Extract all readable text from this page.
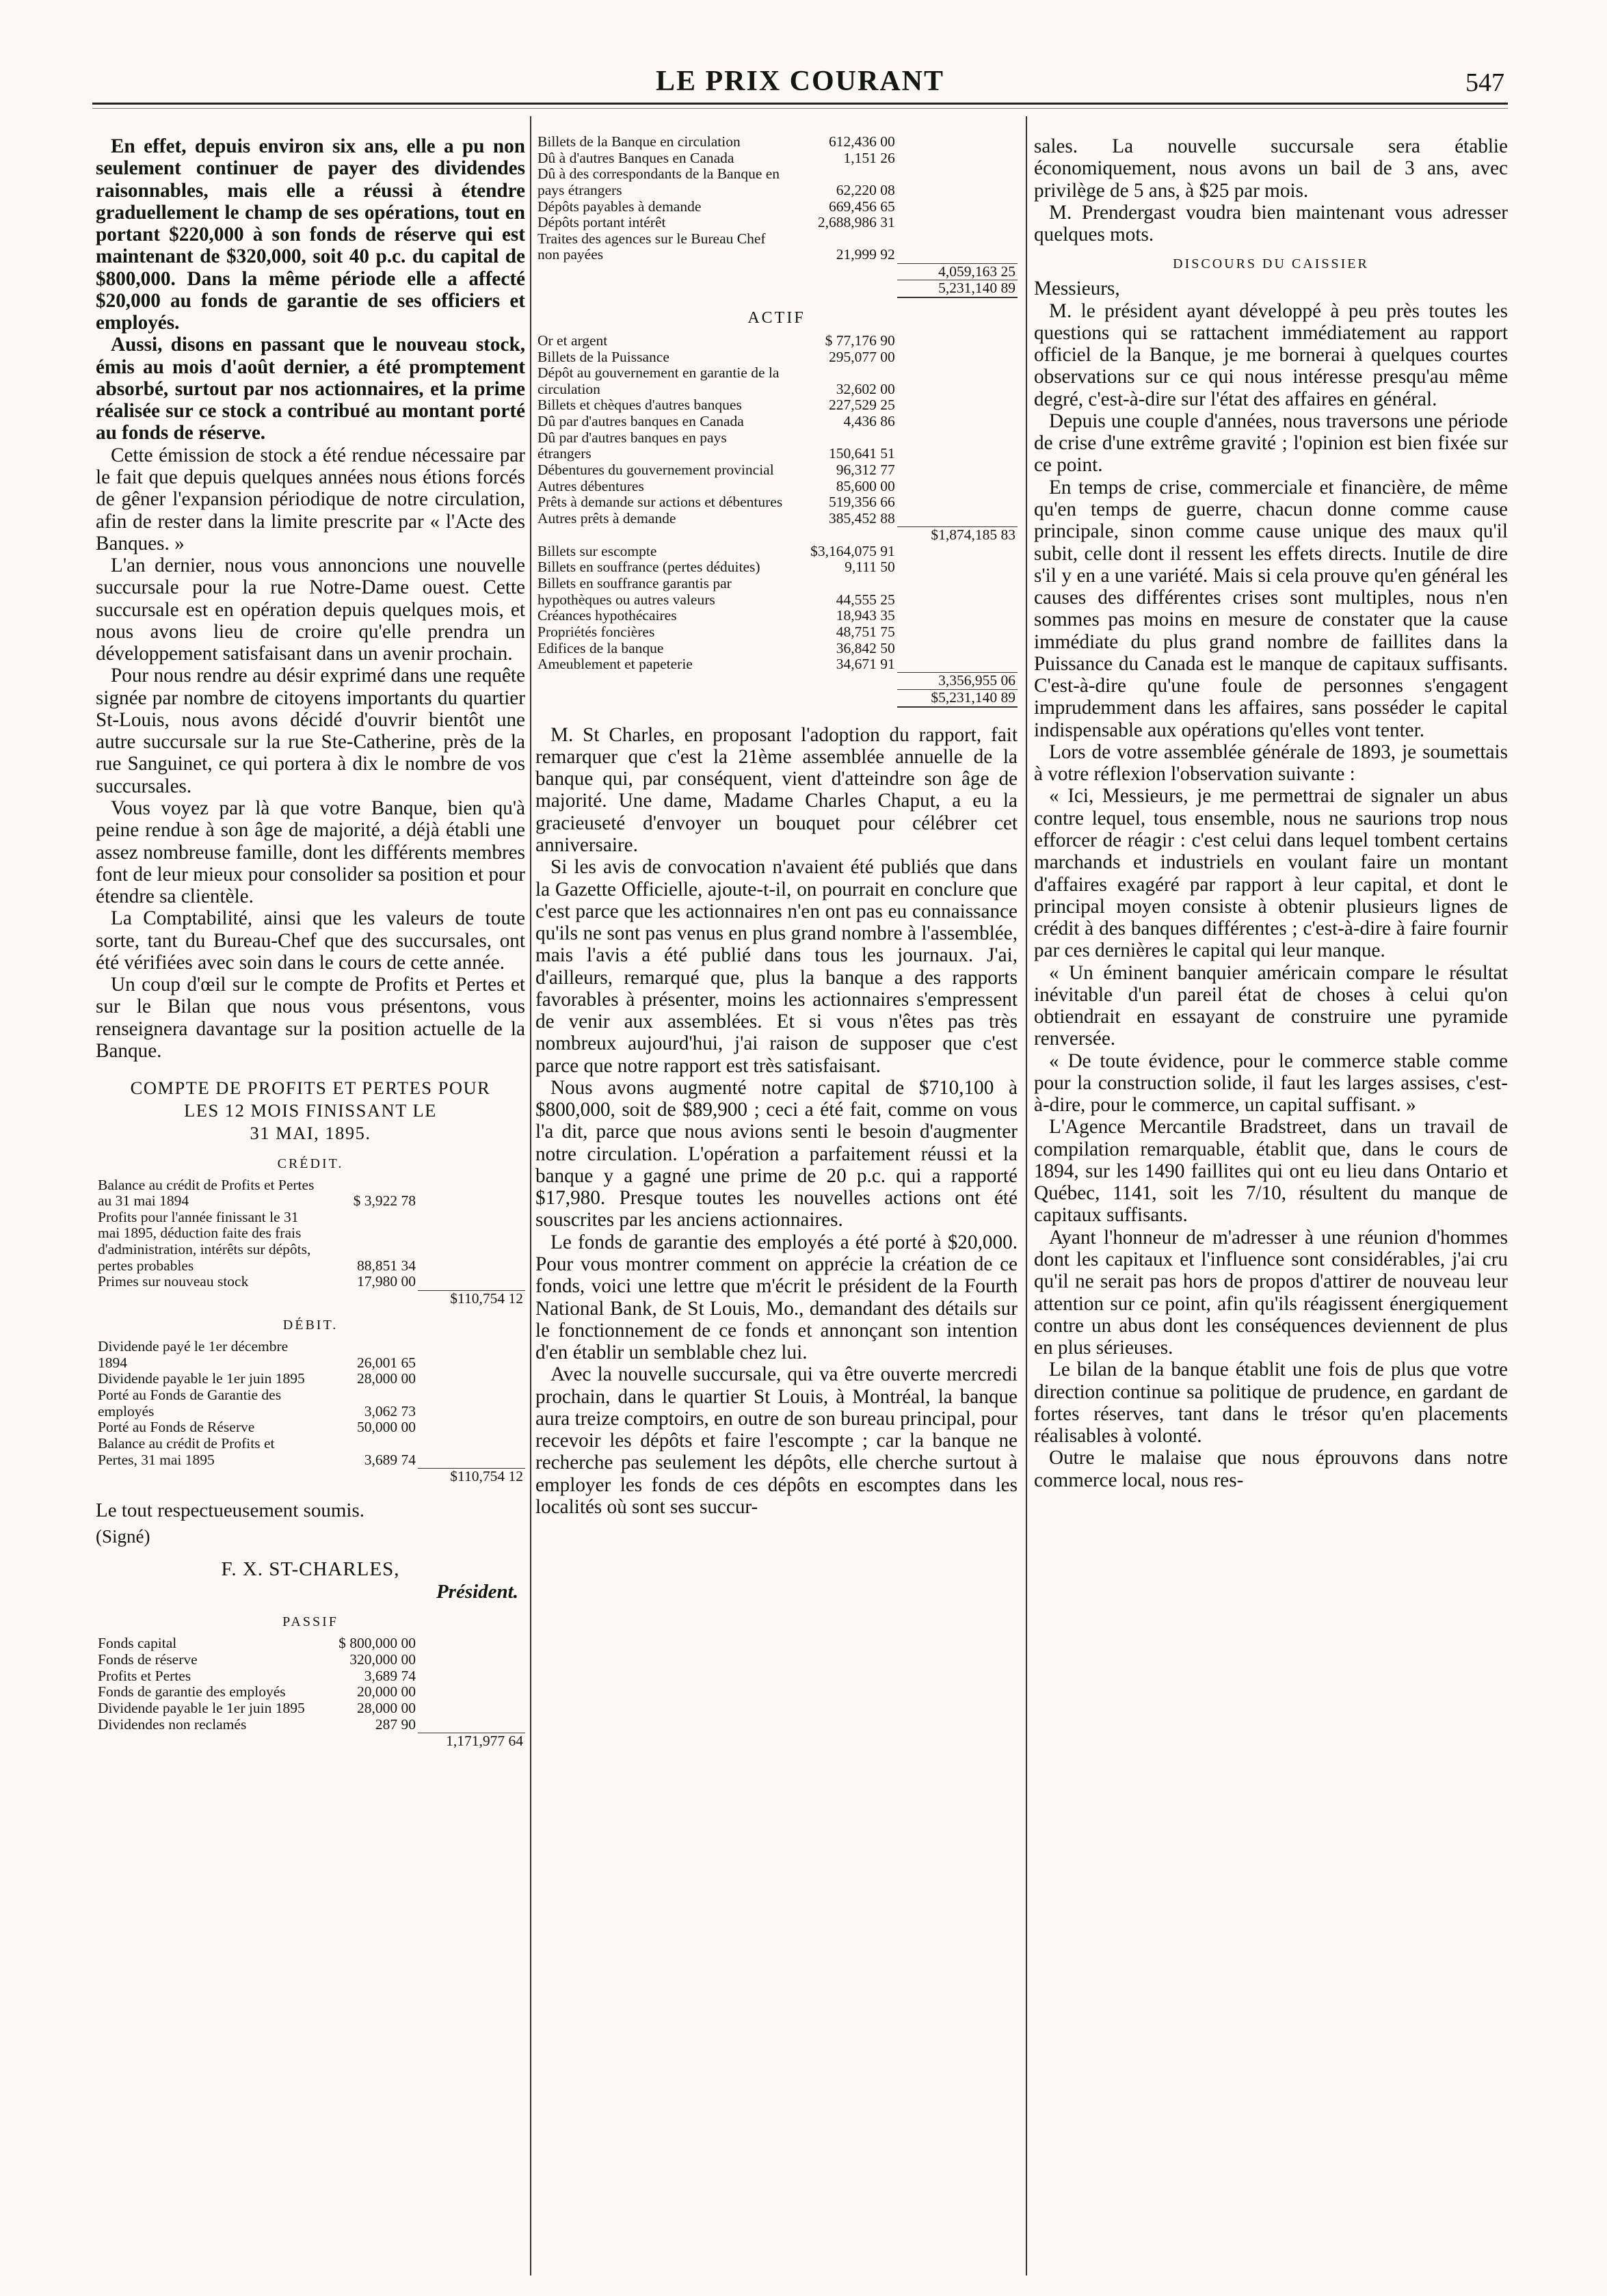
LE PRIX COURANT	547

En effet, depuis environ six ans, elle a pu non seulement continuer de payer des dividendes raisonnables, mais elle a réussi à étendre graduellement le champ de ses opérations, tout en portant $220,000 à son fonds de réserve qui est maintenant de $320,000, soit 40 p.c. du capital de $800,000. Dans la même période elle a affecté $20,000 au fonds de garantie de ses officiers et employés.

Aussi, disons en passant que le nouveau stock, émis au mois d'août dernier, a été promptement absorbé, surtout par nos actionnaires, et la prime réalisée sur ce stock a contribué au montant porté au fonds de réserve.

Cette émission de stock a été rendue nécessaire par le fait que depuis quelques années nous étions forcés de gêner l'expansion périodique de notre circulation, afin de rester dans la limite prescrite par « l'Acte des Banques. »

L'an dernier, nous vous annoncions une nouvelle succursale pour la rue Notre-Dame ouest. Cette succursale est en opération depuis quelques mois, et nous avons lieu de croire qu'elle prendra un développement satisfaisant dans un avenir prochain.

Pour nous rendre au désir exprimé dans une requête signée par nombre de citoyens importants du quartier St-Louis, nous avons décidé d'ouvrir bientôt une autre succursale sur la rue Ste-Catherine, près de la rue Sanguinet, ce qui portera à dix le nombre de vos succursales.

Vous voyez par là que votre Banque, bien qu'à peine rendue à son âge de majorité, a déjà établi une assez nombreuse famille, dont les différents membres font de leur mieux pour consolider sa position et pour étendre sa clientèle.

La Comptabilité, ainsi que les valeurs de toute sorte, tant du Bureau-Chef que des succursales, ont été vérifiées avec soin dans le cours de cette année.

Un coup d'œil sur le compte de Profits et Pertes et sur le Bilan que nous vous présentons, vous renseignera davantage sur la position actuelle de la Banque.

COMPTE DE PROFITS ET PERTES POUR
LES 12 MOIS FINISSANT LE
31 MAI, 1895.
CRÉDIT.
Balance au crédit de Profits et Pertes au 31 mai 1894	$ 3,922 78	
Profits pour l'année finissant le 31 mai 1895, déduction faite des frais d'administration, intérêts sur dépôts, pertes probables	88,851 34	
Primes sur nouveau stock	17,980 00	
		$110,754 12
DÉBIT.
Dividende payé le 1er décembre 1894	26,001 65	
Dividende payable le 1er juin 1895	28,000 00	
Porté au Fonds de Garantie des employés	3,062 73	
Porté au Fonds de Réserve	50,000 00	
Balance au crédit de Profits et Pertes, 31 mai 1895	3,689 74	
		$110,754 12
Le tout respectueusement soumis.
(Signé)
F. X. ST-CHARLES,
Président.
PASSIF
Fonds capital	$ 800,000 00	
Fonds de réserve	320,000 00	
Profits et Pertes	3,689 74	
Fonds de garantie des employés	20,000 00	
Dividende payable le 1er juin 1895	28,000 00	
Dividendes non reclamés	287 90	
		1,171,977 64
Billets de la Banque en circulation	612,436 00	
Dû à d'autres Banques en Canada	1,151 26	
Dû à des correspondants de la Banque en pays étrangers	62,220 08	
Dépôts payables à demande	669,456 65	
Dépôts portant intérêt	2,688,986 31	
Traites des agences sur le Bureau Chef non payées	21,999 92	
		4,059,163 25
		5,231,140 89
ACTIF
Or et argent	$ 77,176 90	
Billets de la Puissance	295,077 00	
Dépôt au gouvernement en garantie de la circulation	32,602 00	
Billets et chèques d'autres banques	227,529 25	
Dû par d'autres banques en Canada	4,436 86	
Dû par d'autres banques en pays étrangers	150,641 51	
Débentures du gouvernement provincial	96,312 77	
Autres débentures	85,600 00	
Prêts à demande sur actions et débentures	519,356 66	
Autres prêts à demande	385,452 88	
		$1,874,185 83
Billets sur escompte	$3,164,075 91	
Billets en souffrance (pertes déduites)	9,111 50	
Billets en souffrance garantis par hypothèques ou autres valeurs	44,555 25	
Créances hypothécaires	18,943 35	
Propriétés foncières	48,751 75	
Edifices de la banque	36,842 50	
Ameublement et papeterie	34,671 91	
		3,356,955 06
		$5,231,140 89

M. St Charles, en proposant l'adoption du rapport, fait remarquer que c'est la 21ème assemblée annuelle de la banque qui, par conséquent, vient d'atteindre son âge de majorité. Une dame, Madame Charles Chaput, a eu la gracieuseté d'envoyer un bouquet pour célébrer cet anniversaire.

Si les avis de convocation n'avaient été publiés que dans la Gazette Officielle, ajoute-t-il, on pourrait en conclure que c'est parce que les actionnaires n'en ont pas eu connaissance qu'ils ne sont pas venus en plus grand nombre à l'assemblée, mais l'avis a été publié dans tous les journaux. J'ai, d'ailleurs, remarqué que, plus la banque a des rapports favorables à présenter, moins les actionnaires s'empressent de venir aux assemblées. Et si vous n'êtes pas très nombreux aujourd'hui, j'ai raison de supposer que c'est parce que notre rapport est très satisfaisant.

Nous avons augmenté notre capital de $710,100 à $800,000, soit de $89,900 ; ceci a été fait, comme on vous l'a dit, parce que nous avions senti le besoin d'augmenter notre circulation. L'opération a parfaitement réussi et la banque y a gagné une prime de 20 p.c. qui a rapporté $17,980. Presque toutes les nouvelles actions ont été souscrites par les anciens actionnaires.

Le fonds de garantie des employés a été porté à $20,000. Pour vous montrer comment on apprécie la création de ce fonds, voici une lettre que m'écrit le président de la Fourth National Bank, de St Louis, Mo., demandant des détails sur le fonctionnement de ce fonds et annonçant son intention d'en établir un semblable chez lui.

Avec la nouvelle succursale, qui va être ouverte mercredi prochain, dans le quartier St Louis, à Montréal, la banque aura treize comptoirs, en outre de son bureau principal, pour recevoir les dépôts et faire l'escompte ; car la banque ne recherche pas seulement les dépôts, elle cherche surtout à employer les fonds de ces dépôts en escomptes dans les localités où sont ses succur-

sales. La nouvelle succursale sera établie économiquement, nous avons un bail de 3 ans, avec privilège de 5 ans, à $25 par mois.

M. Prendergast voudra bien maintenant vous adresser quelques mots.

DISCOURS DU CAISSIER

Messieurs,

M. le président ayant développé à peu près toutes les questions qui se rattachent immédiatement au rapport officiel de la Banque, je me bornerai à quelques courtes observations sur ce qui nous intéresse presqu'au même degré, c'est-à-dire sur l'état des affaires en général.

Depuis une couple d'années, nous traversons une période de crise d'une extrême gravité ; l'opinion est bien fixée sur ce point.

En temps de crise, commerciale et financière, de même qu'en temps de guerre, chacun donne comme cause principale, sinon comme cause unique des maux qu'il subit, celle dont il ressent les effets directs. Inutile de dire s'il y en a une variété. Mais si cela prouve qu'en général les causes des différentes crises sont multiples, nous n'en sommes pas moins en mesure de constater que la cause immédiate du plus grand nombre de faillites dans la Puissance du Canada est le manque de capitaux suffisants. C'est-à-dire qu'une foule de personnes s'engagent imprudemment dans les affaires, sans posséder le capital indispensable aux opérations qu'elles vont tenter.

Lors de votre assemblée générale de 1893, je soumettais à votre réflexion l'observation suivante :

« Ici, Messieurs, je me permettrai de signaler un abus contre lequel, tous ensemble, nous ne saurions trop nous efforcer de réagir : c'est celui dans lequel tombent certains marchands et industriels en voulant faire un montant d'affaires exagéré par rapport à leur capital, et dont le principal moyen consiste à obtenir plusieurs lignes de crédit à des banques différentes ; c'est-à-dire à faire fournir par ces dernières le capital qui leur manque.

« Un éminent banquier américain compare le résultat inévitable d'un pareil état de choses à celui qu'on obtiendrait en essayant de construire une pyramide renversée.

« De toute évidence, pour le commerce stable comme pour la construction solide, il faut les larges assises, c'est-à-dire, pour le commerce, un capital suffisant. »

L'Agence Mercantile Bradstreet, dans un travail de compilation remarquable, établit que, dans le cours de 1894, sur les 1490 faillites qui ont eu lieu dans Ontario et Québec, 1141, soit les 7/10, résultent du manque de capitaux suffisants.

Ayant l'honneur de m'adresser à une réunion d'hommes dont les capitaux et l'influence sont considérables, j'ai cru qu'il ne serait pas hors de propos d'attirer de nouveau leur attention sur ce point, afin qu'ils réagissent énergiquement contre un abus dont les conséquences deviennent de plus en plus sérieuses.

Le bilan de la banque établit une fois de plus que votre direction continue sa politique de prudence, en gardant de fortes réserves, tant dans le trésor qu'en placements réalisables à volonté.

Outre le malaise que nous éprouvons dans notre commerce local, nous res-
